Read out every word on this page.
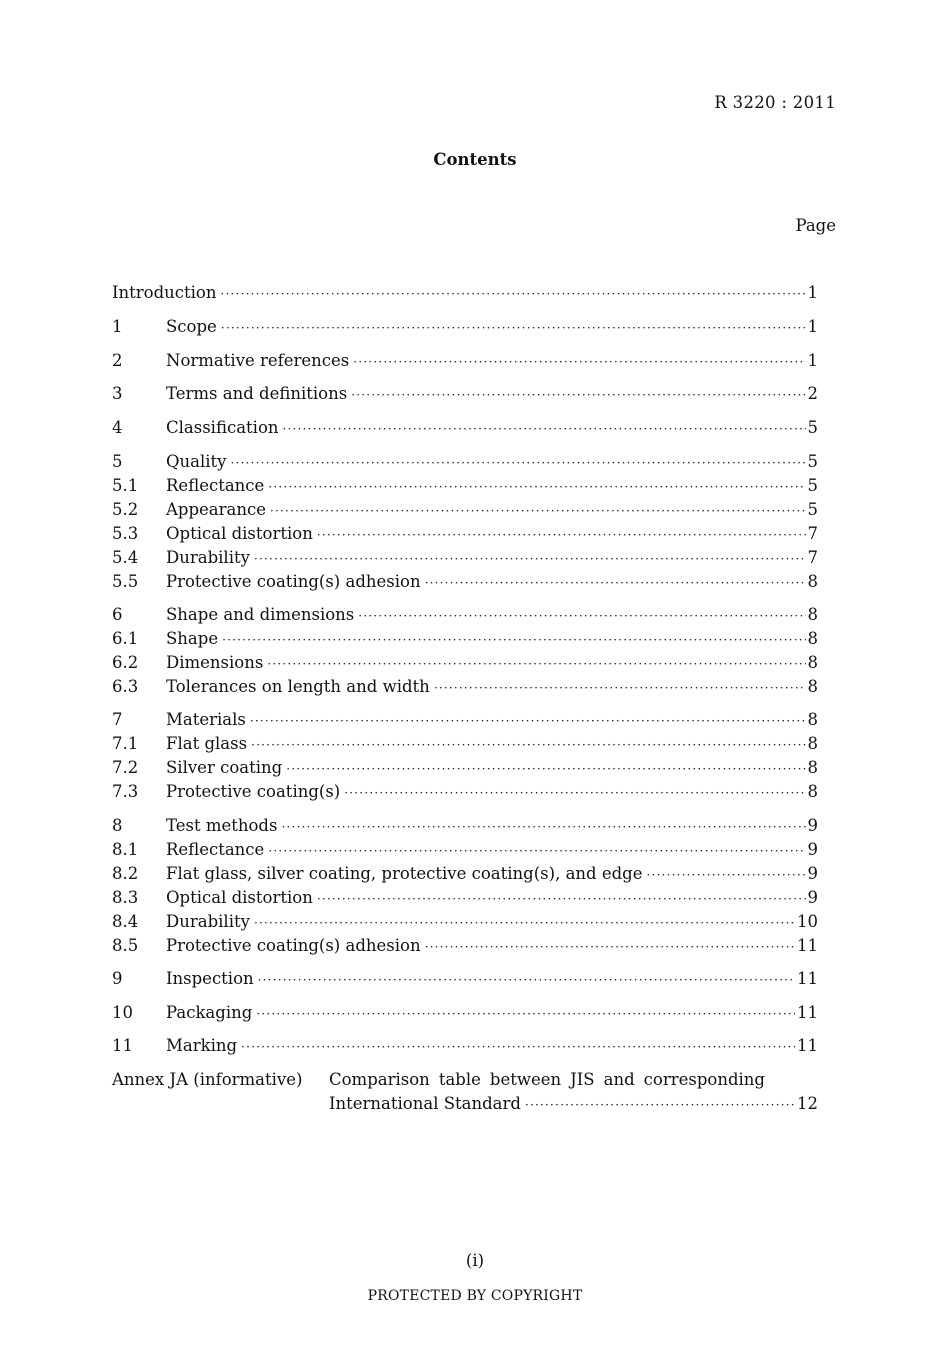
R 3220 : 2011
Contents
Page
Introduction ·····	1
1	Scope ·····	1
2	Normative references ·····	1
3	Terms and definitions ·····	2
4	Classification ·····	5
5	Quality ·····	5
5.1	Reflectance ·····	5
5.2	Appearance ·····	5
5.3	Optical distortion ·····	7
5.4	Durability ·····	7
5.5	Protective coating(s) adhesion ·····	8
6	Shape and dimensions ·····	8
6.1	Shape ·····	8
6.2	Dimensions ·····	8
6.3	Tolerances on length and width ·····	8
7	Materials ·····	8
7.1	Flat glass ·····	8
7.2	Silver coating ·····	8
7.3	Protective coating(s) ·····	8
8	Test methods ·····	9
8.1	Reflectance ·····	9
8.2	Flat glass, silver coating, protective coating(s), and edge ·····	9
8.3	Optical distortion ·····	9
8.4	Durability ·····	10
8.5	Protective coating(s) adhesion ·····	11
9	Inspection ·····	11
10	Packaging ·····	11
11	Marking ·····	11
Annex JA (informative) Comparison table between JIS and corresponding
International Standard ·····	12
(i)
PROTECTED BY COPYRIGHT
